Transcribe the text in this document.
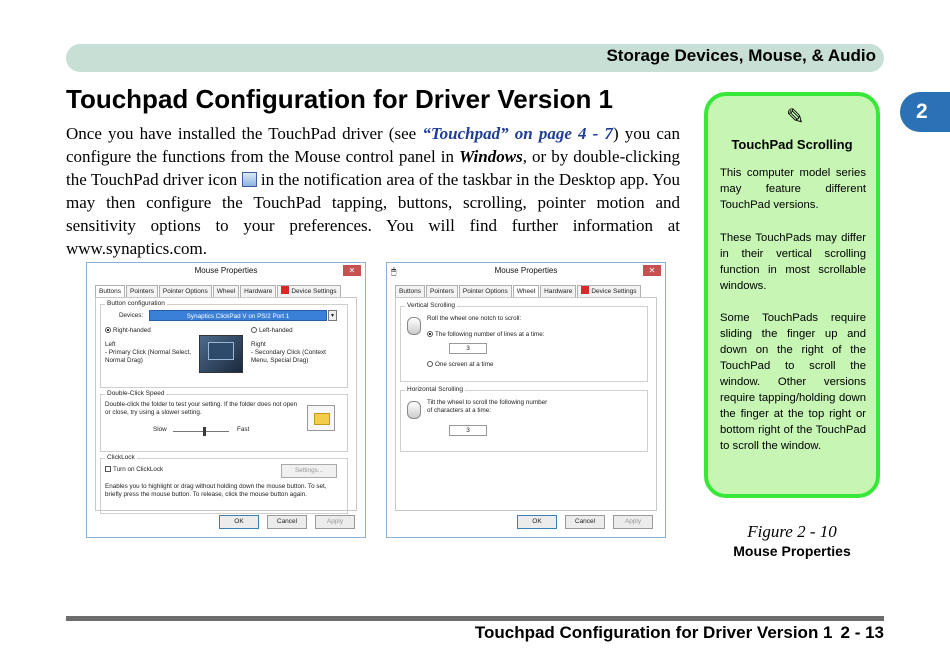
Storage Devices, Mouse, & Audio
2
Touchpad Configuration for Driver Version 1

Once you have installed the TouchPad driver (see “Touchpad” on page 4 - 7) you can configure the functions from the Mouse control panel in Windows, or by double-clicking the TouchPad driver icon  in the notification area of the taskbar in the Desktop app. You may then configure the TouchPad tapping, buttons, scrolling, pointer motion and sensitivity options to your preferences. You will find further information at www.synaptics.com.

✎
TouchPad Scrolling

This computer model series may feature different TouchPad versions.

These TouchPads may differ in their vertical scrolling function in most scrollable windows.

Some TouchPads require sliding the finger up and down on the right of the TouchPad to scroll the window. Other versions require tapping/holding down the finger at the top right or bottom right of the TouchPad to scroll the window.

Figure 2 - 10
Mouse Properties
Mouse Properties	✕
Buttons	Pointers	Pointer Options	Wheel	Hardware	Device Settings
Button configuration
Devices:	Synaptics ClickPad V on PS/2 Port 1	▾
Right-handed	Left-handed
Left
- Primary Click (Normal Select, Normal Drag)
Right
- Secondary Click (Context Menu, Special Drag)
Double-Click Speed
Double-click the folder to test your setting. If the folder does not open or close, try using a slower setting.
Slow	Fast
ClickLock
Turn on ClickLock	Settings...
Enables you to highlight or drag without holding down the mouse button. To set, briefly press the mouse button. To release, click the mouse button again.
OK	Cancel	Apply
🖱	Mouse Properties	✕
Buttons	Pointers	Pointer Options	Wheel	Hardware	Device Settings
Vertical Scrolling
Roll the wheel one notch to scroll:
The following number of lines at a time:
3
One screen at a time
Horizontal Scrolling
Tilt the wheel to scroll the following number
of characters at a time:
3
OK	Cancel	Apply
Touchpad Configuration for Driver Version 1 2 - 13
